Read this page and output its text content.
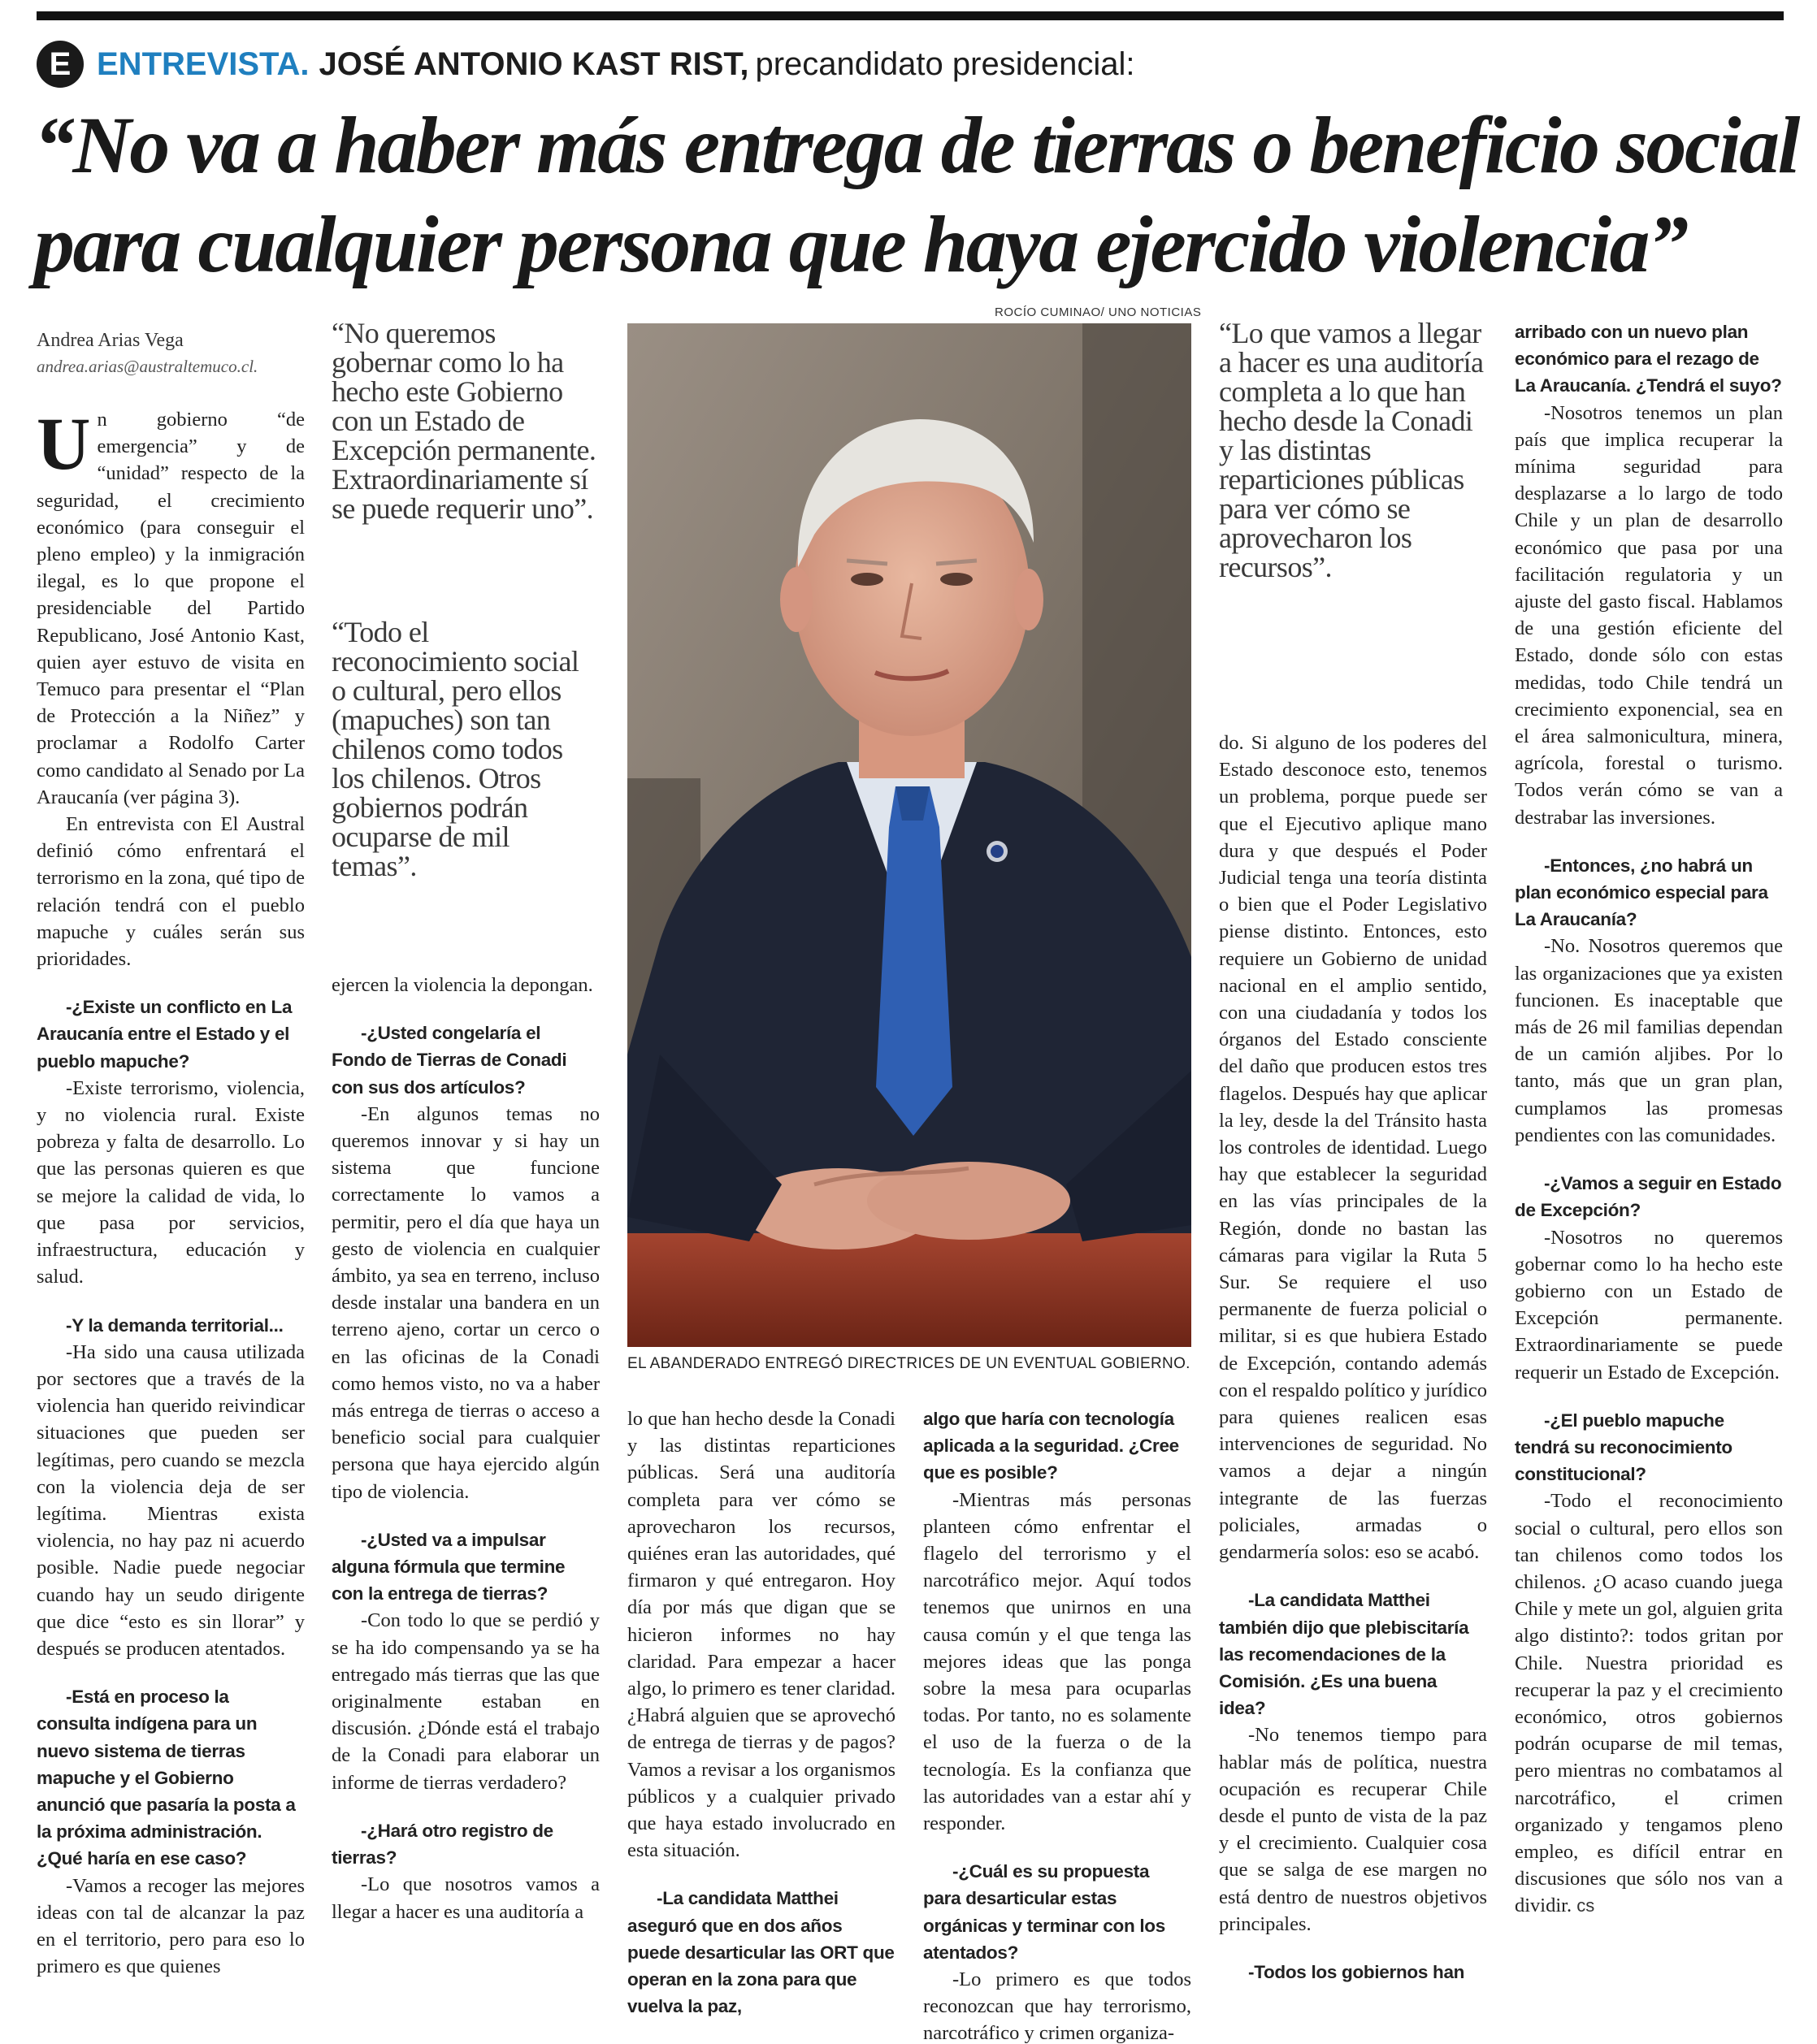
E ENTREVISTA. JOSÉ ANTONIO KAST RIST, precandidato presidencial:
“No va a haber más entrega de tierras o beneficio social
para cualquier persona que haya ejercido violencia”
Andrea Arias Vega
andrea.arias@australtemuco.cl.

Un gobierno “de emergencia” y de “unidad” respecto de la seguridad, el crecimiento económico (para conseguir el pleno empleo) y la inmigración ilegal, es lo que propone el presidenciable del Partido Republicano, José Antonio Kast, quien ayer estuvo de visita en Temuco para presentar el “Plan de Protección a la Niñez” y proclamar a Rodolfo Carter como candidato al Senado por La Araucanía (ver página 3).

En entrevista con El Austral definió cómo enfrentará el terrorismo en la zona, qué tipo de relación tendrá con el pueblo mapuche y cuáles serán sus prioridades.

-¿Existe un conflicto en La Araucanía entre el Estado y el pueblo mapuche?

-Existe terrorismo, violencia, y no violencia rural. Existe pobreza y falta de desarrollo. Lo que las personas quieren es que se mejore la calidad de vida, lo que pasa por servicios, infraestructura, educación y salud.

-Y la demanda territorial...

-Ha sido una causa utilizada por sectores que a través de la violencia han querido reivindicar situaciones que pueden ser legítimas, pero cuando se mezcla con la violencia deja de ser legítima. Mientras exista violencia, no hay paz ni acuerdo posible. Nadie puede negociar cuando hay un seudo dirigente que dice “esto es sin llorar” y después se producen atentados.

-Está en proceso la consulta indígena para un nuevo sistema de tierras mapuche y el Gobierno anunció que pasaría la posta a la próxima administración. ¿Qué haría en ese caso?

-Vamos a recoger las mejores ideas con tal de alcanzar la paz en el territorio, pero para eso lo primero es que quienes

“No queremos gobernar como lo ha hecho este Gobierno con un Estado de Excepción permanente. Extraordinariamente sí se puede requerir uno”.
“Todo el reconocimiento social o cultural, pero ellos (mapuches) son tan chilenos como todos los chilenos. Otros gobiernos podrán ocuparse de mil temas”.

ejercen la violencia la depongan.

-¿Usted congelaría el Fondo de Tierras de Conadi con sus dos artículos?

-En algunos temas no queremos innovar y si hay un sistema que funcione correctamente lo vamos a permitir, pero el día que haya un gesto de violencia en cualquier ámbito, ya sea en terreno, incluso desde instalar una bandera en un terreno ajeno, cortar un cerco o en las oficinas de la Conadi como hemos visto, no va a haber más entrega de tierras o acceso a beneficio social para cualquier persona que haya ejercido algún tipo de violencia.

-¿Usted va a impulsar alguna fórmula que termine con la entrega de tierras?

-Con todo lo que se perdió y se ha ido compensando ya se ha entregado más tierras que las que originalmente estaban en discusión. ¿Dónde está el trabajo de la Conadi para elaborar un informe de tierras verdadero?

-¿Hará otro registro de tierras?

-Lo que nosotros vamos a llegar a hacer es una auditoría a

ROCÍO CUMINAO/ UNO NOTICIAS
EL ABANDERADO ENTREGÓ DIRECTRICES DE UN EVENTUAL GOBIERNO.

lo que han hecho desde la Conadi y las distintas reparticiones públicas. Será una auditoría completa para ver cómo se aprovecharon los recursos, quiénes eran las autoridades, qué firmaron y qué entregaron. Hoy día por más que digan que se hicieron informes no hay claridad. Para empezar a hacer algo, lo primero es tener claridad. ¿Habrá alguien que se aprovechó de entrega de tierras y de pagos? Vamos a revisar a los organismos públicos y a cualquier privado que haya estado involucrado en esta situación.

-La candidata Matthei aseguró que en dos años puede desarticular las ORT que operan en la zona para que vuelva la paz,

algo que haría con tecnología aplicada a la seguridad. ¿Cree que es posible?

-Mientras más personas planteen cómo enfrentar el flagelo del terrorismo y el narcotráfico mejor. Aquí todos tenemos que unirnos en una causa común y el que tenga las mejores ideas que las ponga sobre la mesa para ocuparlas todas. Por tanto, no es solamente el uso de la fuerza o de la tecnología. Es la confianza que las autoridades van a estar ahí y responder.

-¿Cuál es su propuesta para desarticular estas orgánicas y terminar con los atentados?

-Lo primero es que todos reconozcan que hay terrorismo, narcotráfico y crimen organiza-

“Lo que vamos a llegar a hacer es una auditoría completa a lo que han hecho desde la Conadi y las distintas reparticiones públicas para ver cómo se aprovecharon los recursos”.

do. Si alguno de los poderes del Estado desconoce esto, tenemos un problema, porque puede ser que el Ejecutivo aplique mano dura y que después el Poder Judicial tenga una teoría distinta o bien que el Poder Legislativo piense distinto. Entonces, esto requiere un Gobierno de unidad nacional en el amplio sentido, con una ciudadanía y todos los órganos del Estado consciente del daño que producen estos tres flagelos. Después hay que aplicar la ley, desde la del Tránsito hasta los controles de identidad. Luego hay que establecer la seguridad en las vías principales de la Región, donde no bastan las cámaras para vigilar la Ruta 5 Sur. Se requiere el uso permanente de fuerza policial o militar, si es que hubiera Estado de Excepción, contando además con el respaldo político y jurídico para quienes realicen esas intervenciones de seguridad. No vamos a dejar a ningún integrante de las fuerzas policiales, armadas o gendarmería solos: eso se acabó.

-La candidata Matthei también dijo que plebiscitaría las recomendaciones de la Comisión. ¿Es una buena idea?

-No tenemos tiempo para hablar más de política, nuestra ocupación es recuperar Chile desde el punto de vista de la paz y el crecimiento. Cualquier cosa que se salga de ese margen no está dentro de nuestros objetivos principales.

-Todos los gobiernos han

arribado con un nuevo plan económico para el rezago de La Araucanía. ¿Tendrá el suyo?

-Nosotros tenemos un plan país que implica recuperar la mínima seguridad para desplazarse a lo largo de todo Chile y un plan de desarrollo económico que pasa por una facilitación regulatoria y un ajuste del gasto fiscal. Hablamos de una gestión eficiente del Estado, donde sólo con estas medidas, todo Chile tendrá un crecimiento exponencial, sea en el área salmonicultura, minera, agrícola, forestal o turismo. Todos verán cómo se van a destrabar las inversiones.

-Entonces, ¿no habrá un plan económico especial para La Araucanía?

-No. Nosotros queremos que las organizaciones que ya existen funcionen. Es inaceptable que más de 26 mil familias dependan de un camión aljibes. Por lo tanto, más que un gran plan, cumplamos las promesas pendientes con las comunidades.

-¿Vamos a seguir en Estado de Excepción?

-Nosotros no queremos gobernar como lo ha hecho este gobierno con un Estado de Excepción permanente. Extraordinariamente se puede requerir un Estado de Excepción.

-¿El pueblo mapuche tendrá su reconocimiento constitucional?

-Todo el reconocimiento social o cultural, pero ellos son tan chilenos como todos los chilenos. ¿O acaso cuando juega Chile y mete un gol, alguien grita algo distinto?: todos gritan por Chile. Nuestra prioridad es recuperar la paz y el crecimiento económico, otros gobiernos podrán ocuparse de mil temas, pero mientras no combatamos al narcotráfico, el crimen organizado y tengamos pleno empleo, es difícil entrar en discusiones que sólo nos van a dividir. cs
